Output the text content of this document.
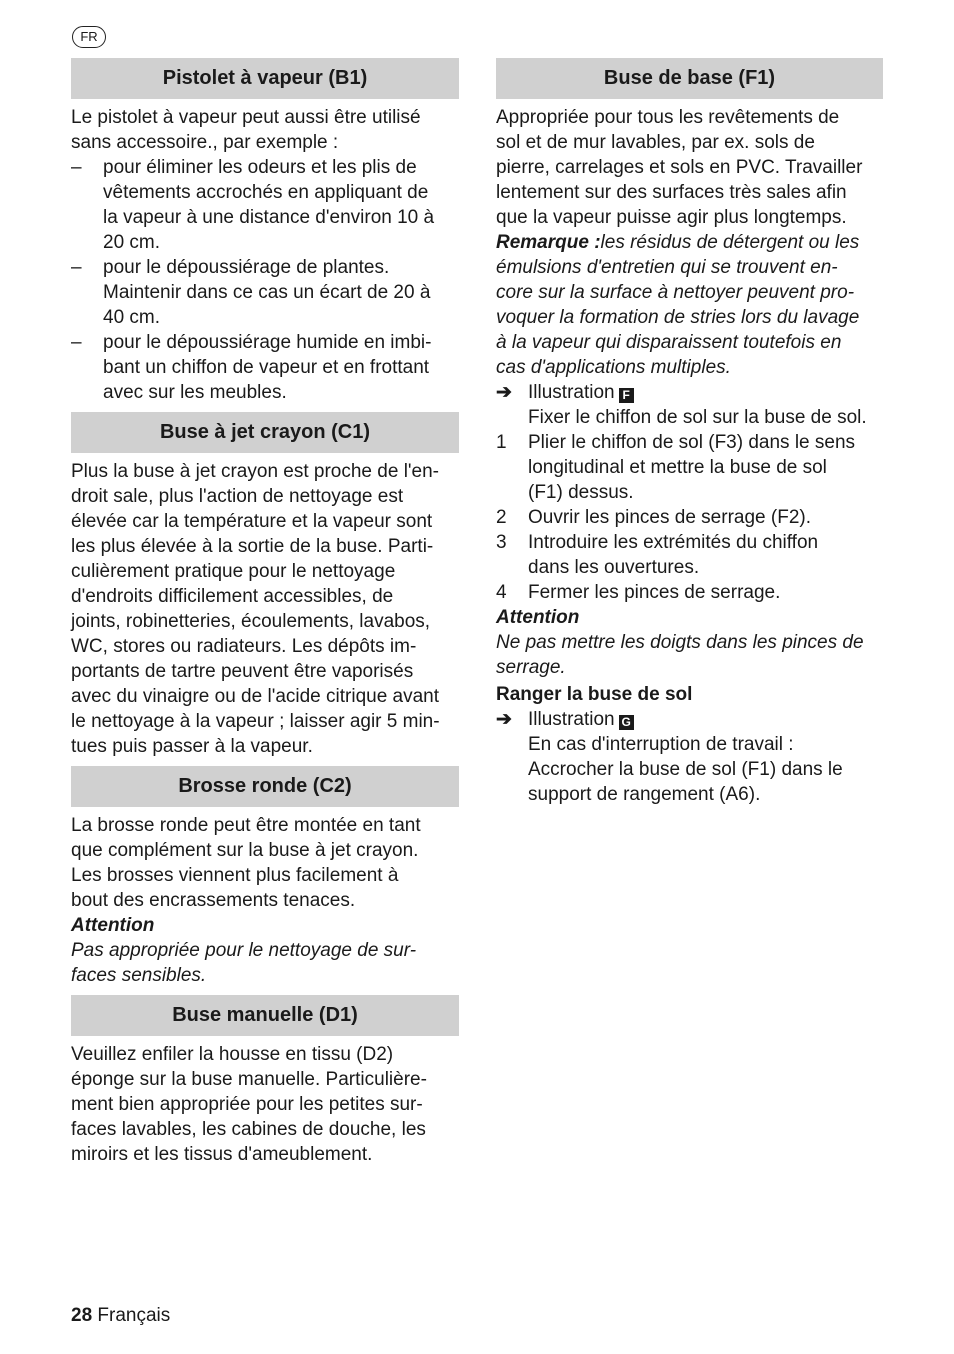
FR
Pistolet à vapeur (B1)
Le pistolet à vapeur peut aussi être utilisé
sans accessoire., par exemple :
–	pour éliminer les odeurs et les plis de
vêtements accrochés en appliquant de
la vapeur à une distance d'environ 10 à
20 cm.
–	pour le dépoussiérage de plantes.
Maintenir dans ce cas un écart de 20 à
40 cm.
–	pour le dépoussiérage humide en imbi-
bant un chiffon de vapeur et en frottant
avec sur les meubles.
Buse à jet crayon (C1)
Plus la buse à jet crayon est proche de l'en-
droit sale, plus l'action de nettoyage est
élevée car la température et la vapeur sont
les plus élevée à la sortie de la buse. Parti-
culièrement pratique pour le nettoyage
d'endroits difficilement accessibles, de
joints, robinetteries, écoulements, lavabos,
WC, stores ou radiateurs. Les dépôts im-
portants de tartre peuvent être vaporisés
avec du vinaigre ou de l'acide citrique avant
le nettoyage à la vapeur ; laisser agir 5 min-
tues puis passer à la vapeur.
Brosse ronde (C2)
La brosse ronde peut être montée en tant
que complément sur la buse à jet crayon.
Les brosses viennent plus facilement à
bout des encrassements tenaces.
Attention
Pas appropriée pour le nettoyage de sur-
faces sensibles.
Buse manuelle (D1)
Veuillez enfiler la housse en tissu (D2)
éponge sur la buse manuelle. Particulière-
ment bien appropriée pour les petites sur-
faces lavables, les cabines de douche, les
miroirs et les tissus d'ameublement.
Buse de base (F1)
Appropriée pour tous les revêtements de
sol et de mur lavables, par ex. sols de
pierre, carrelages et sols en PVC. Travailler
lentement sur des surfaces très sales afin
que la vapeur puisse agir plus longtemps.
Remarque :les résidus de détergent ou les
émulsions d'entretien qui se trouvent en-
core sur la surface à nettoyer peuvent pro-
voquer la formation de stries lors du lavage
à la vapeur qui disparaissent toutefois en
cas d'applications multiples.
➔ Illustration F
Fixer le chiffon de sol sur la buse de sol.
1	Plier le chiffon de sol (F3) dans le sens
longitudinal et mettre la buse de sol
(F1) dessus.
2	Ouvrir les pinces de serrage (F2).
3	Introduire les extrémités du chiffon
dans les ouvertures.
4	Fermer les pinces de serrage.
Attention
Ne pas mettre les doigts dans les pinces de
serrage.
Ranger la buse de sol
➔ Illustration G
En cas d'interruption de travail :
Accrocher la buse de sol (F1) dans le
support de rangement (A6).
28 Français
